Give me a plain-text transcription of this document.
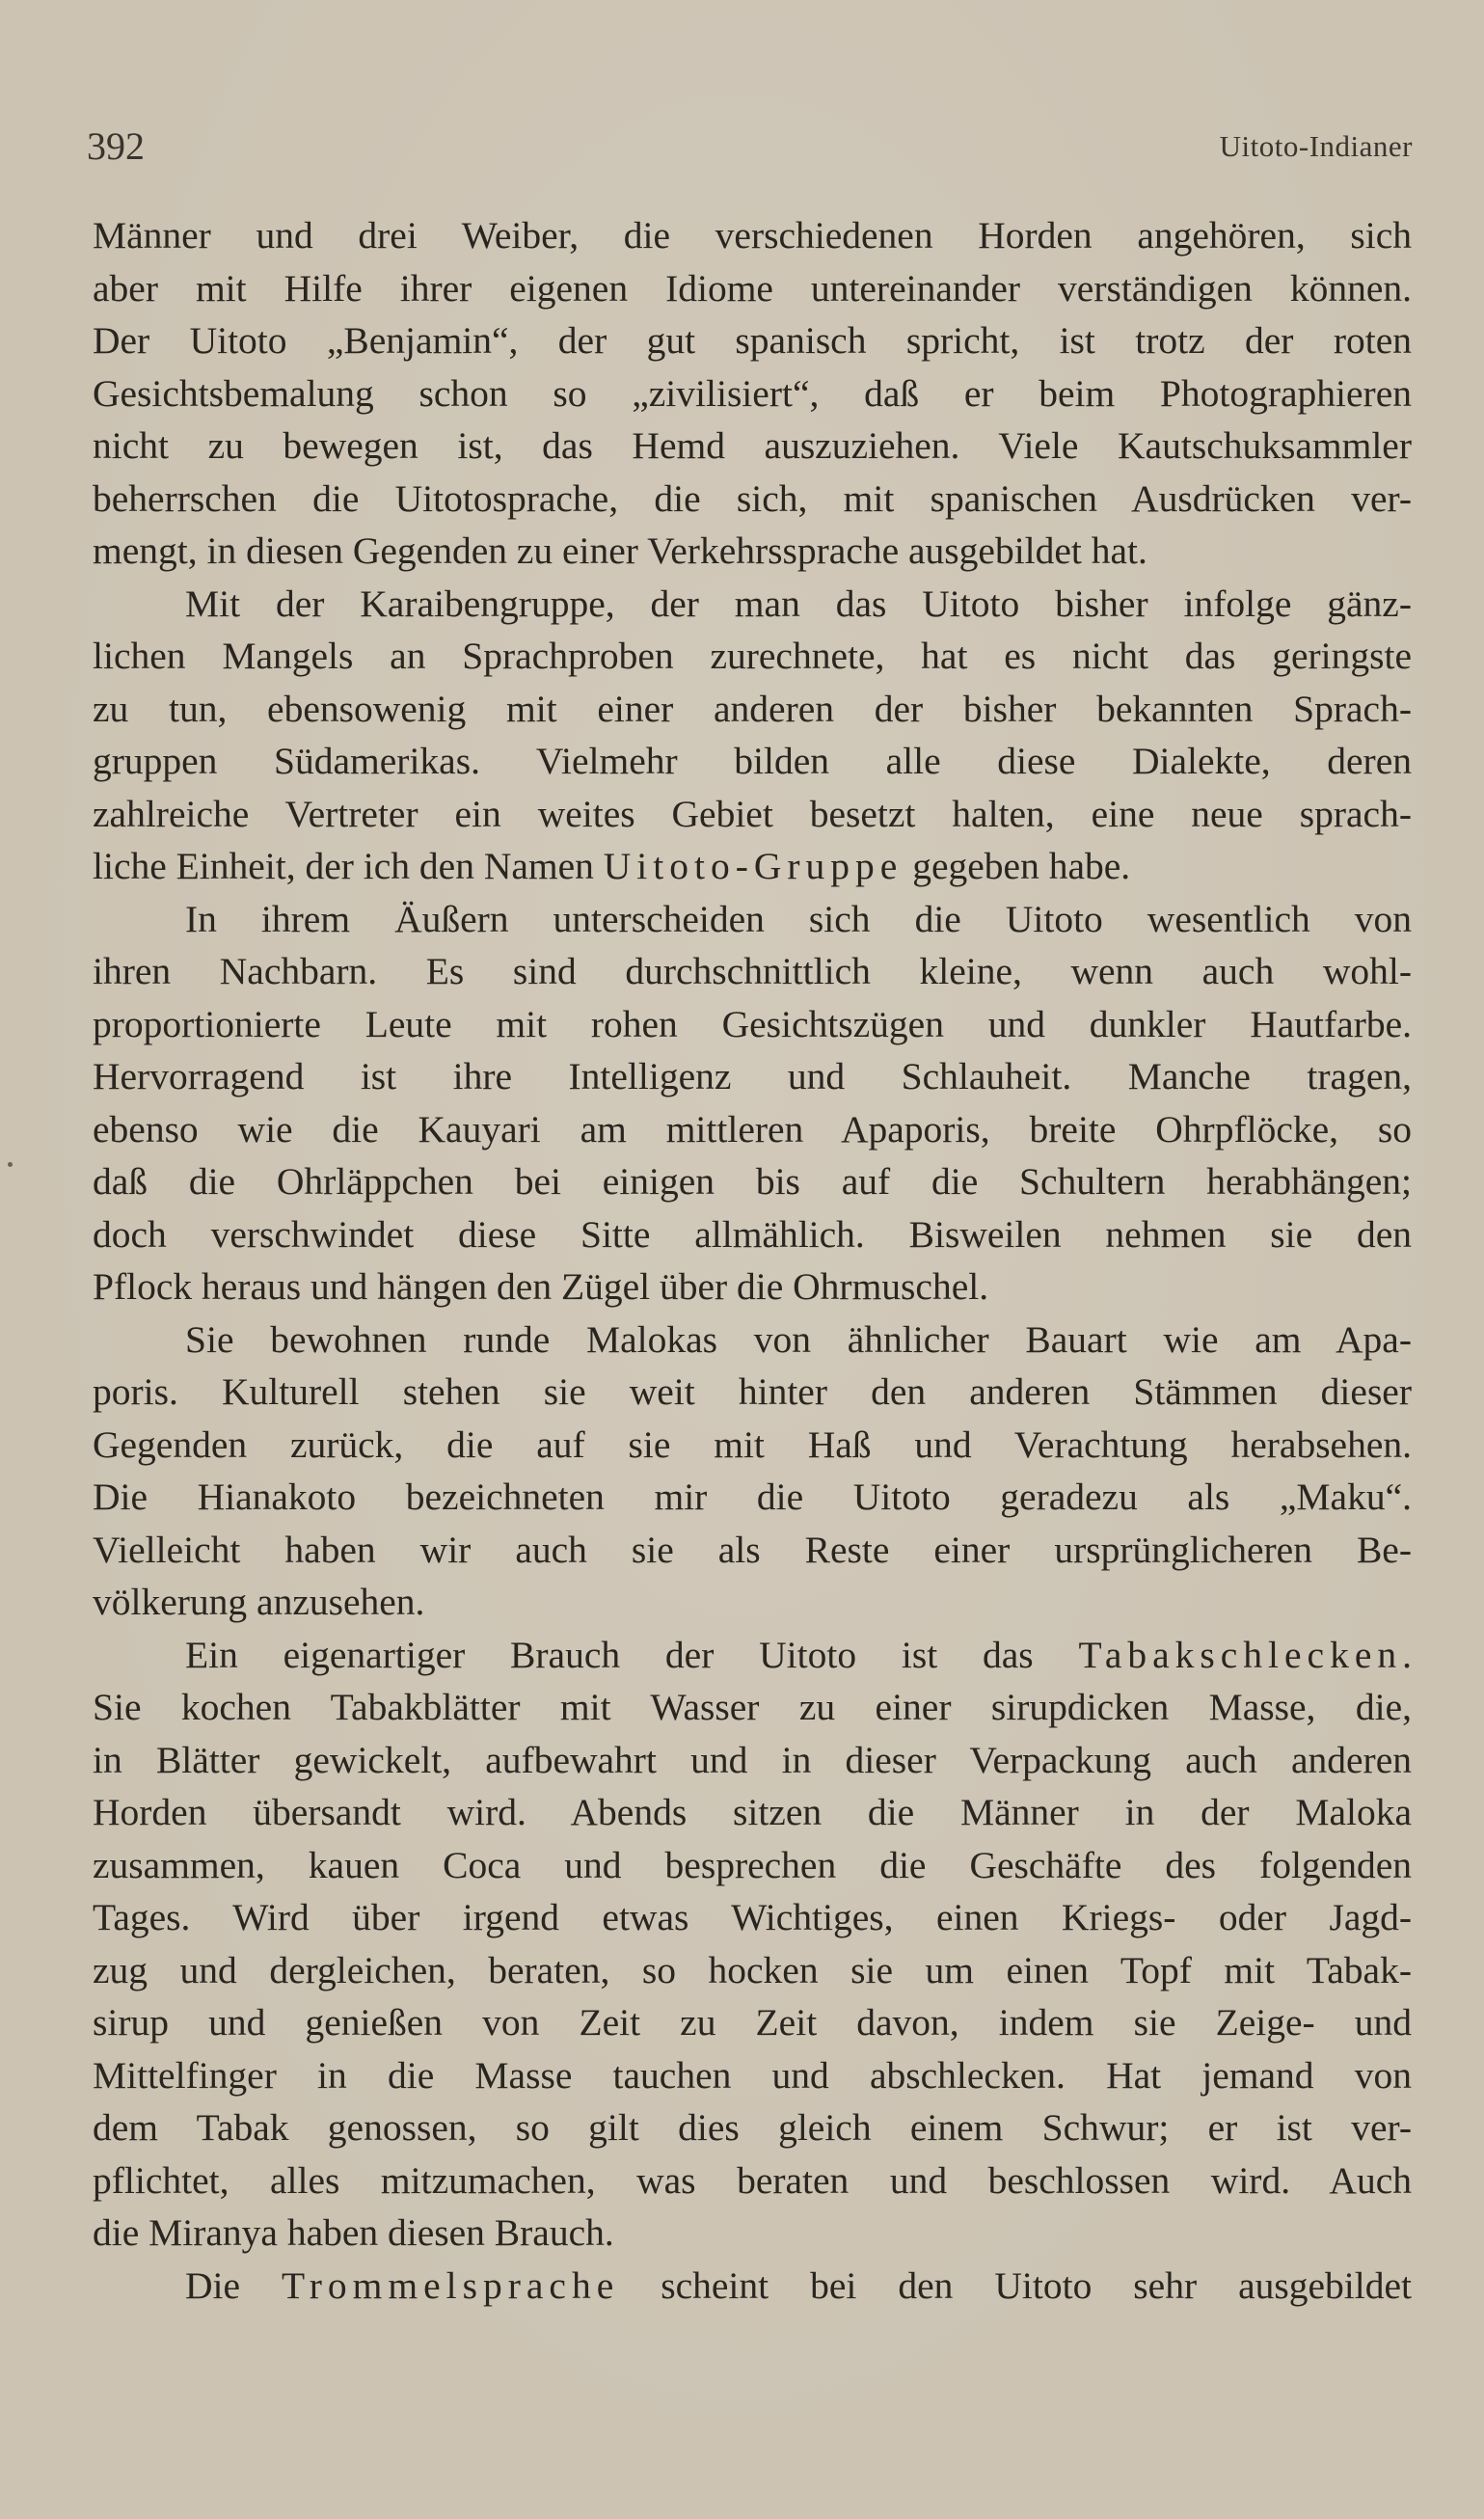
392	Uitoto-Indianer
Männer und drei Weiber, die verschiedenen Horden angehören, sich
aber mit Hilfe ihrer eigenen Idiome untereinander verständigen können.
Der Uitoto „Benjamin“, der gut spanisch spricht, ist trotz der roten
Gesichtsbemalung schon so „zivilisiert“, daß er beim Photographieren
nicht zu bewegen ist, das Hemd auszuziehen. Viele Kautschuksammler
beherrschen die Uitotosprache, die sich, mit spanischen Ausdrücken ver-
mengt, in diesen Gegenden zu einer Verkehrssprache ausgebildet hat.
Mit der Karaibengruppe, der man das Uitoto bisher infolge gänz-
lichen Mangels an Sprachproben zurechnete, hat es nicht das geringste
zu tun, ebensowenig mit einer anderen der bisher bekannten Sprach-
gruppen Südamerikas. Vielmehr bilden alle diese Dialekte, deren
zahlreiche Vertreter ein weites Gebiet besetzt halten, eine neue sprach-
liche Einheit, der ich den Namen Uitoto-Gruppe gegeben habe.
In ihrem Äußern unterscheiden sich die Uitoto wesentlich von
ihren Nachbarn. Es sind durchschnittlich kleine, wenn auch wohl-
proportionierte Leute mit rohen Gesichtszügen und dunkler Hautfarbe.
Hervorragend ist ihre Intelligenz und Schlauheit. Manche tragen,
ebenso wie die Kauyari am mittleren Apaporis, breite Ohrpflöcke, so
daß die Ohrläppchen bei einigen bis auf die Schultern herabhängen;
doch verschwindet diese Sitte allmählich. Bisweilen nehmen sie den
Pflock heraus und hängen den Zügel über die Ohrmuschel.
Sie bewohnen runde Malokas von ähnlicher Bauart wie am Apa-
poris. Kulturell stehen sie weit hinter den anderen Stämmen dieser
Gegenden zurück, die auf sie mit Haß und Verachtung herabsehen.
Die Hianakoto bezeichneten mir die Uitoto geradezu als „Maku“.
Vielleicht haben wir auch sie als Reste einer ursprünglicheren Be-
völkerung anzusehen.
Ein eigenartiger Brauch der Uitoto ist das Tabakschlecken.
Sie kochen Tabakblätter mit Wasser zu einer sirupdicken Masse, die,
in Blätter gewickelt, aufbewahrt und in dieser Verpackung auch anderen
Horden übersandt wird. Abends sitzen die Männer in der Maloka
zusammen, kauen Coca und besprechen die Geschäfte des folgenden
Tages. Wird über irgend etwas Wichtiges, einen Kriegs- oder Jagd-
zug und dergleichen, beraten, so hocken sie um einen Topf mit Tabak-
sirup und genießen von Zeit zu Zeit davon, indem sie Zeige- und
Mittelfinger in die Masse tauchen und abschlecken. Hat jemand von
dem Tabak genossen, so gilt dies gleich einem Schwur; er ist ver-
pflichtet, alles mitzumachen, was beraten und beschlossen wird. Auch
die Miranya haben diesen Brauch.
Die Trommelsprache scheint bei den Uitoto sehr ausgebildet
